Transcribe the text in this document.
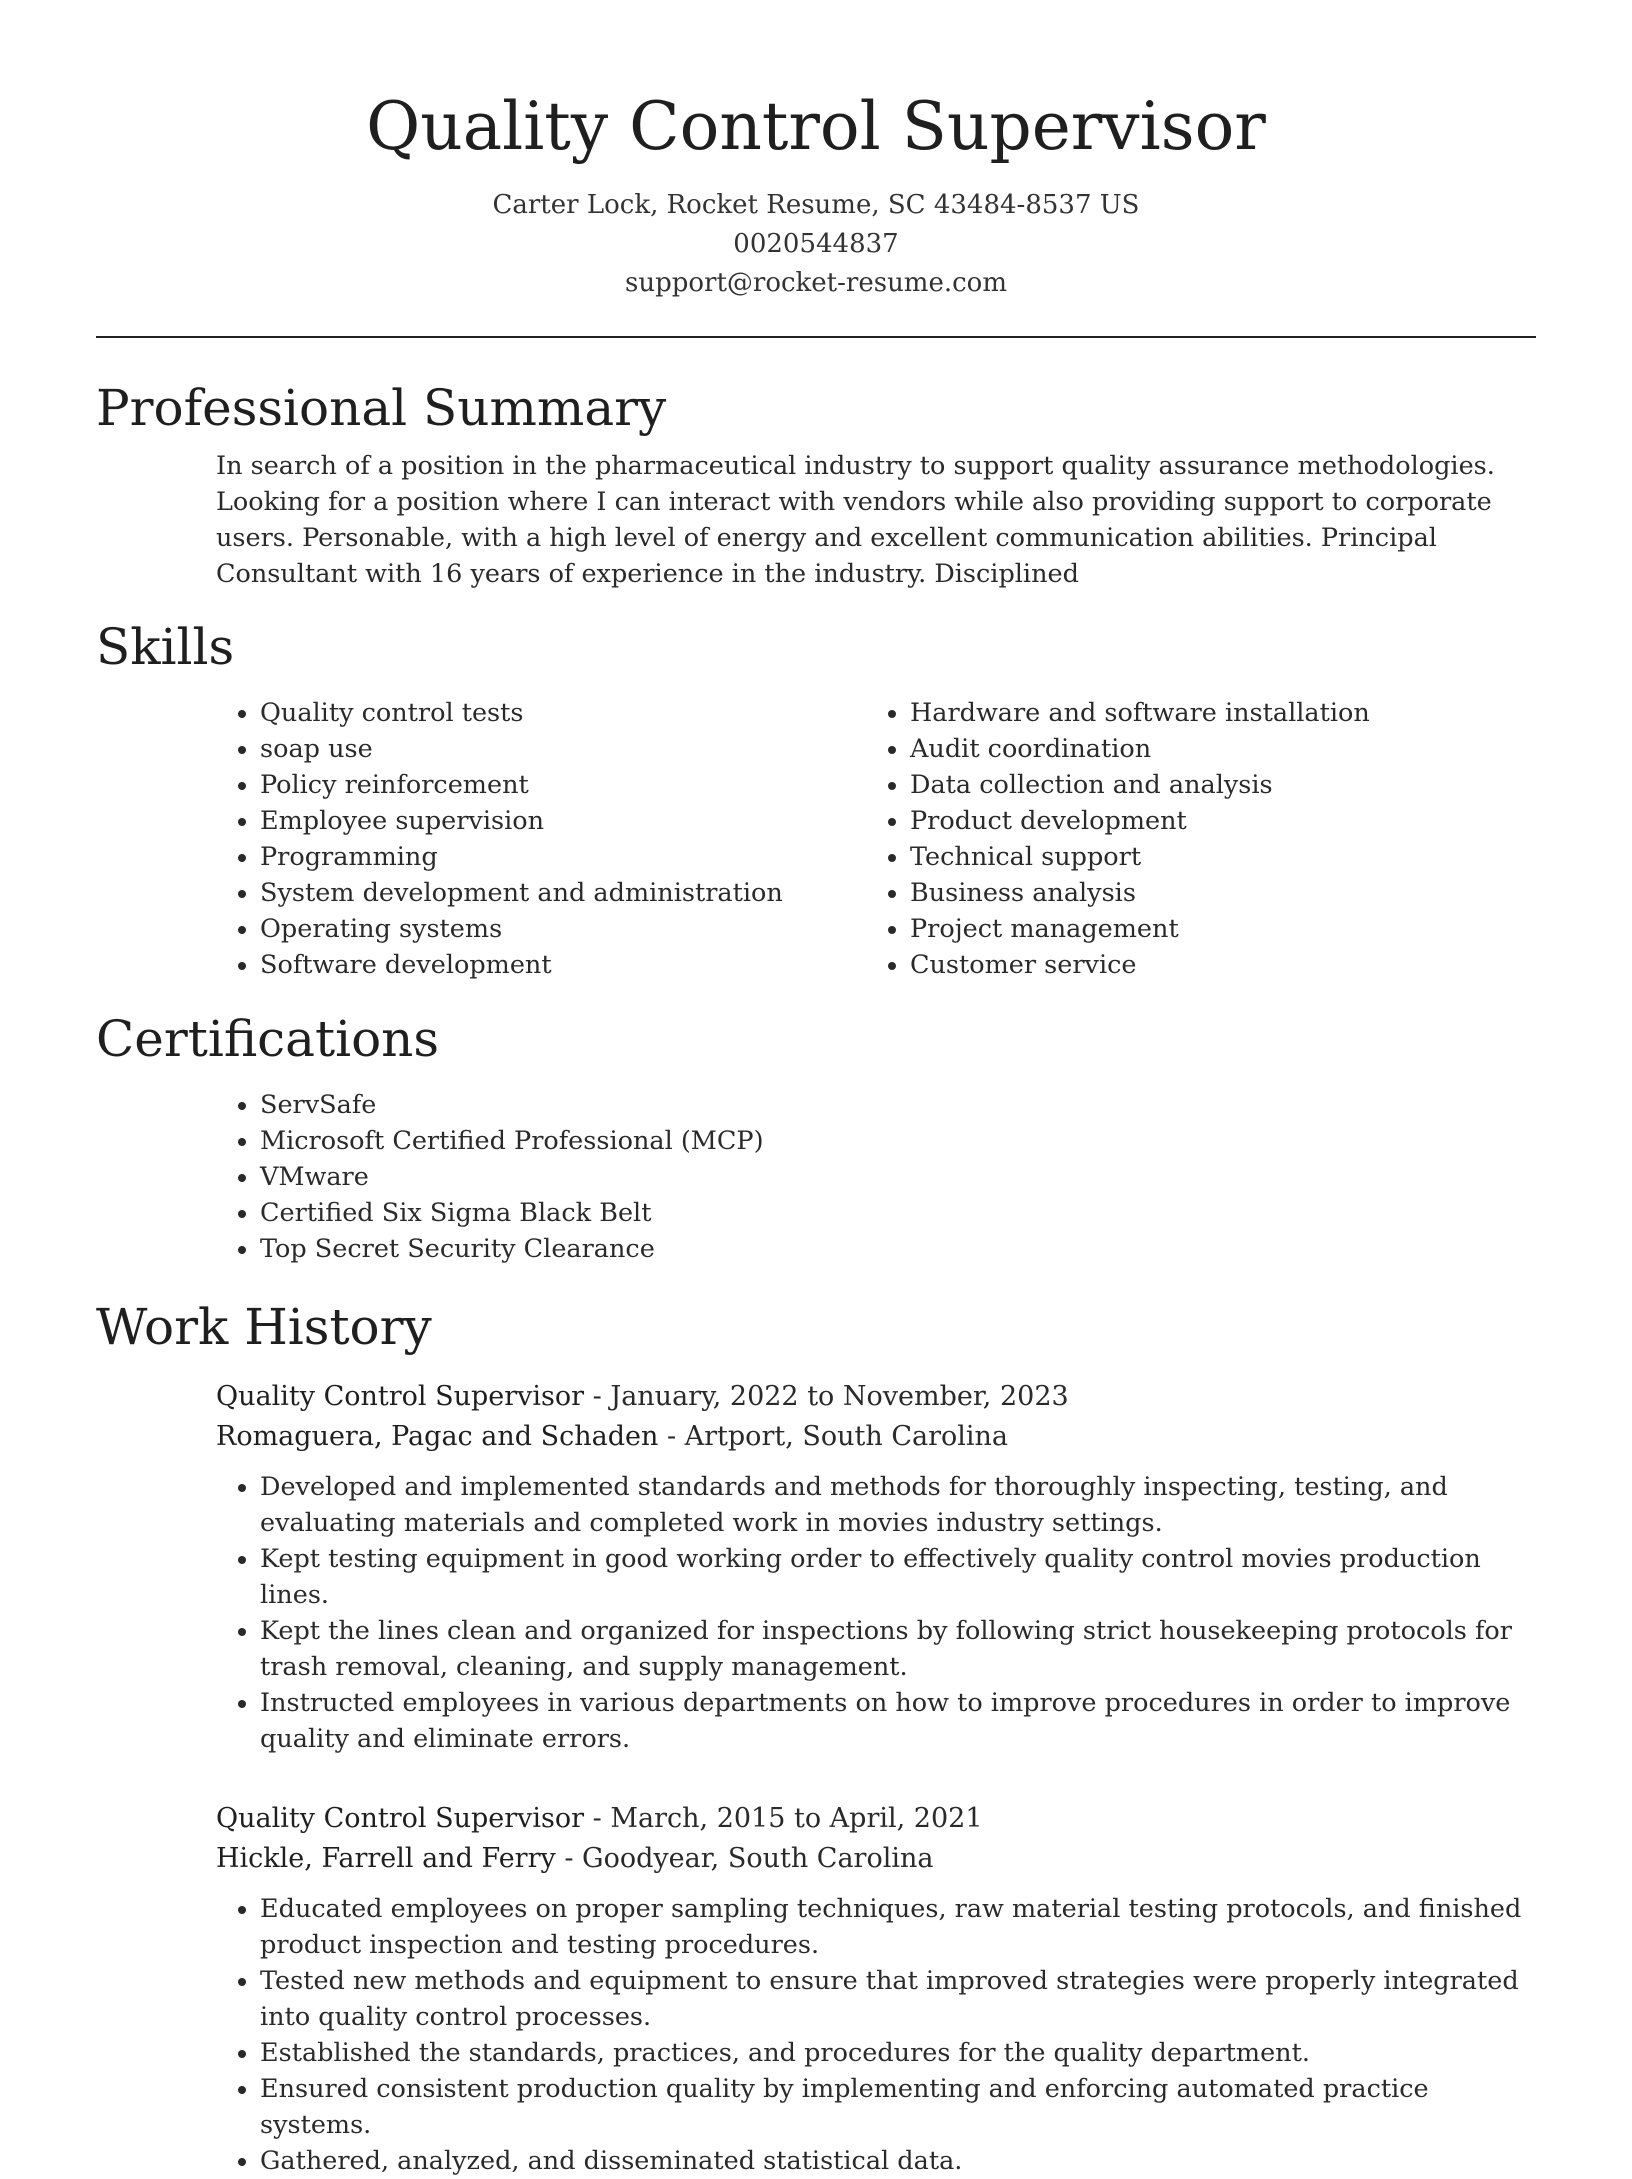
Quality Control Supervisor
Carter Lock, Rocket Resume, SC 43484-8537 US
0020544837
support@rocket-resume.com
Professional Summary

In search of a position in the pharmaceutical industry to support quality assurance methodologies. Looking for a position where I can interact with vendors while also providing support to corporate users. Personable, with a high level of energy and excellent communication abilities. Principal Consultant with 16 years of experience in the industry. Disciplined

Skills
• Quality control tests
• soap use
• Policy reinforcement
• Employee supervision
• Programming
• System development and administration
• Operating systems
• Software development
• Hardware and software installation
• Audit coordination
• Data collection and analysis
• Product development
• Technical support
• Business analysis
• Project management
• Customer service
Certifications
• ServSafe
• Microsoft Certified Professional (MCP)
• VMware
• Certified Six Sigma Black Belt
• Top Secret Security Clearance
Work History
Quality Control Supervisor - January, 2022 to November, 2023
Romaguera, Pagac and Schaden - Artport, South Carolina
• Developed and implemented standards and methods for thoroughly inspecting, testing, and evaluating materials and completed work in movies industry settings.
• Kept testing equipment in good working order to effectively quality control movies production lines.
• Kept the lines clean and organized for inspections by following strict housekeeping protocols for trash removal, cleaning, and supply management.
• Instructed employees in various departments on how to improve procedures in order to improve quality and eliminate errors.
Quality Control Supervisor - March, 2015 to April, 2021
Hickle, Farrell and Ferry - Goodyear, South Carolina
• Educated employees on proper sampling techniques, raw material testing protocols, and finished product inspection and testing procedures.
• Tested new methods and equipment to ensure that improved strategies were properly integrated into quality control processes.
• Established the standards, practices, and procedures for the quality department.
• Ensured consistent production quality by implementing and enforcing automated practice systems.
• Gathered, analyzed, and disseminated statistical data.
